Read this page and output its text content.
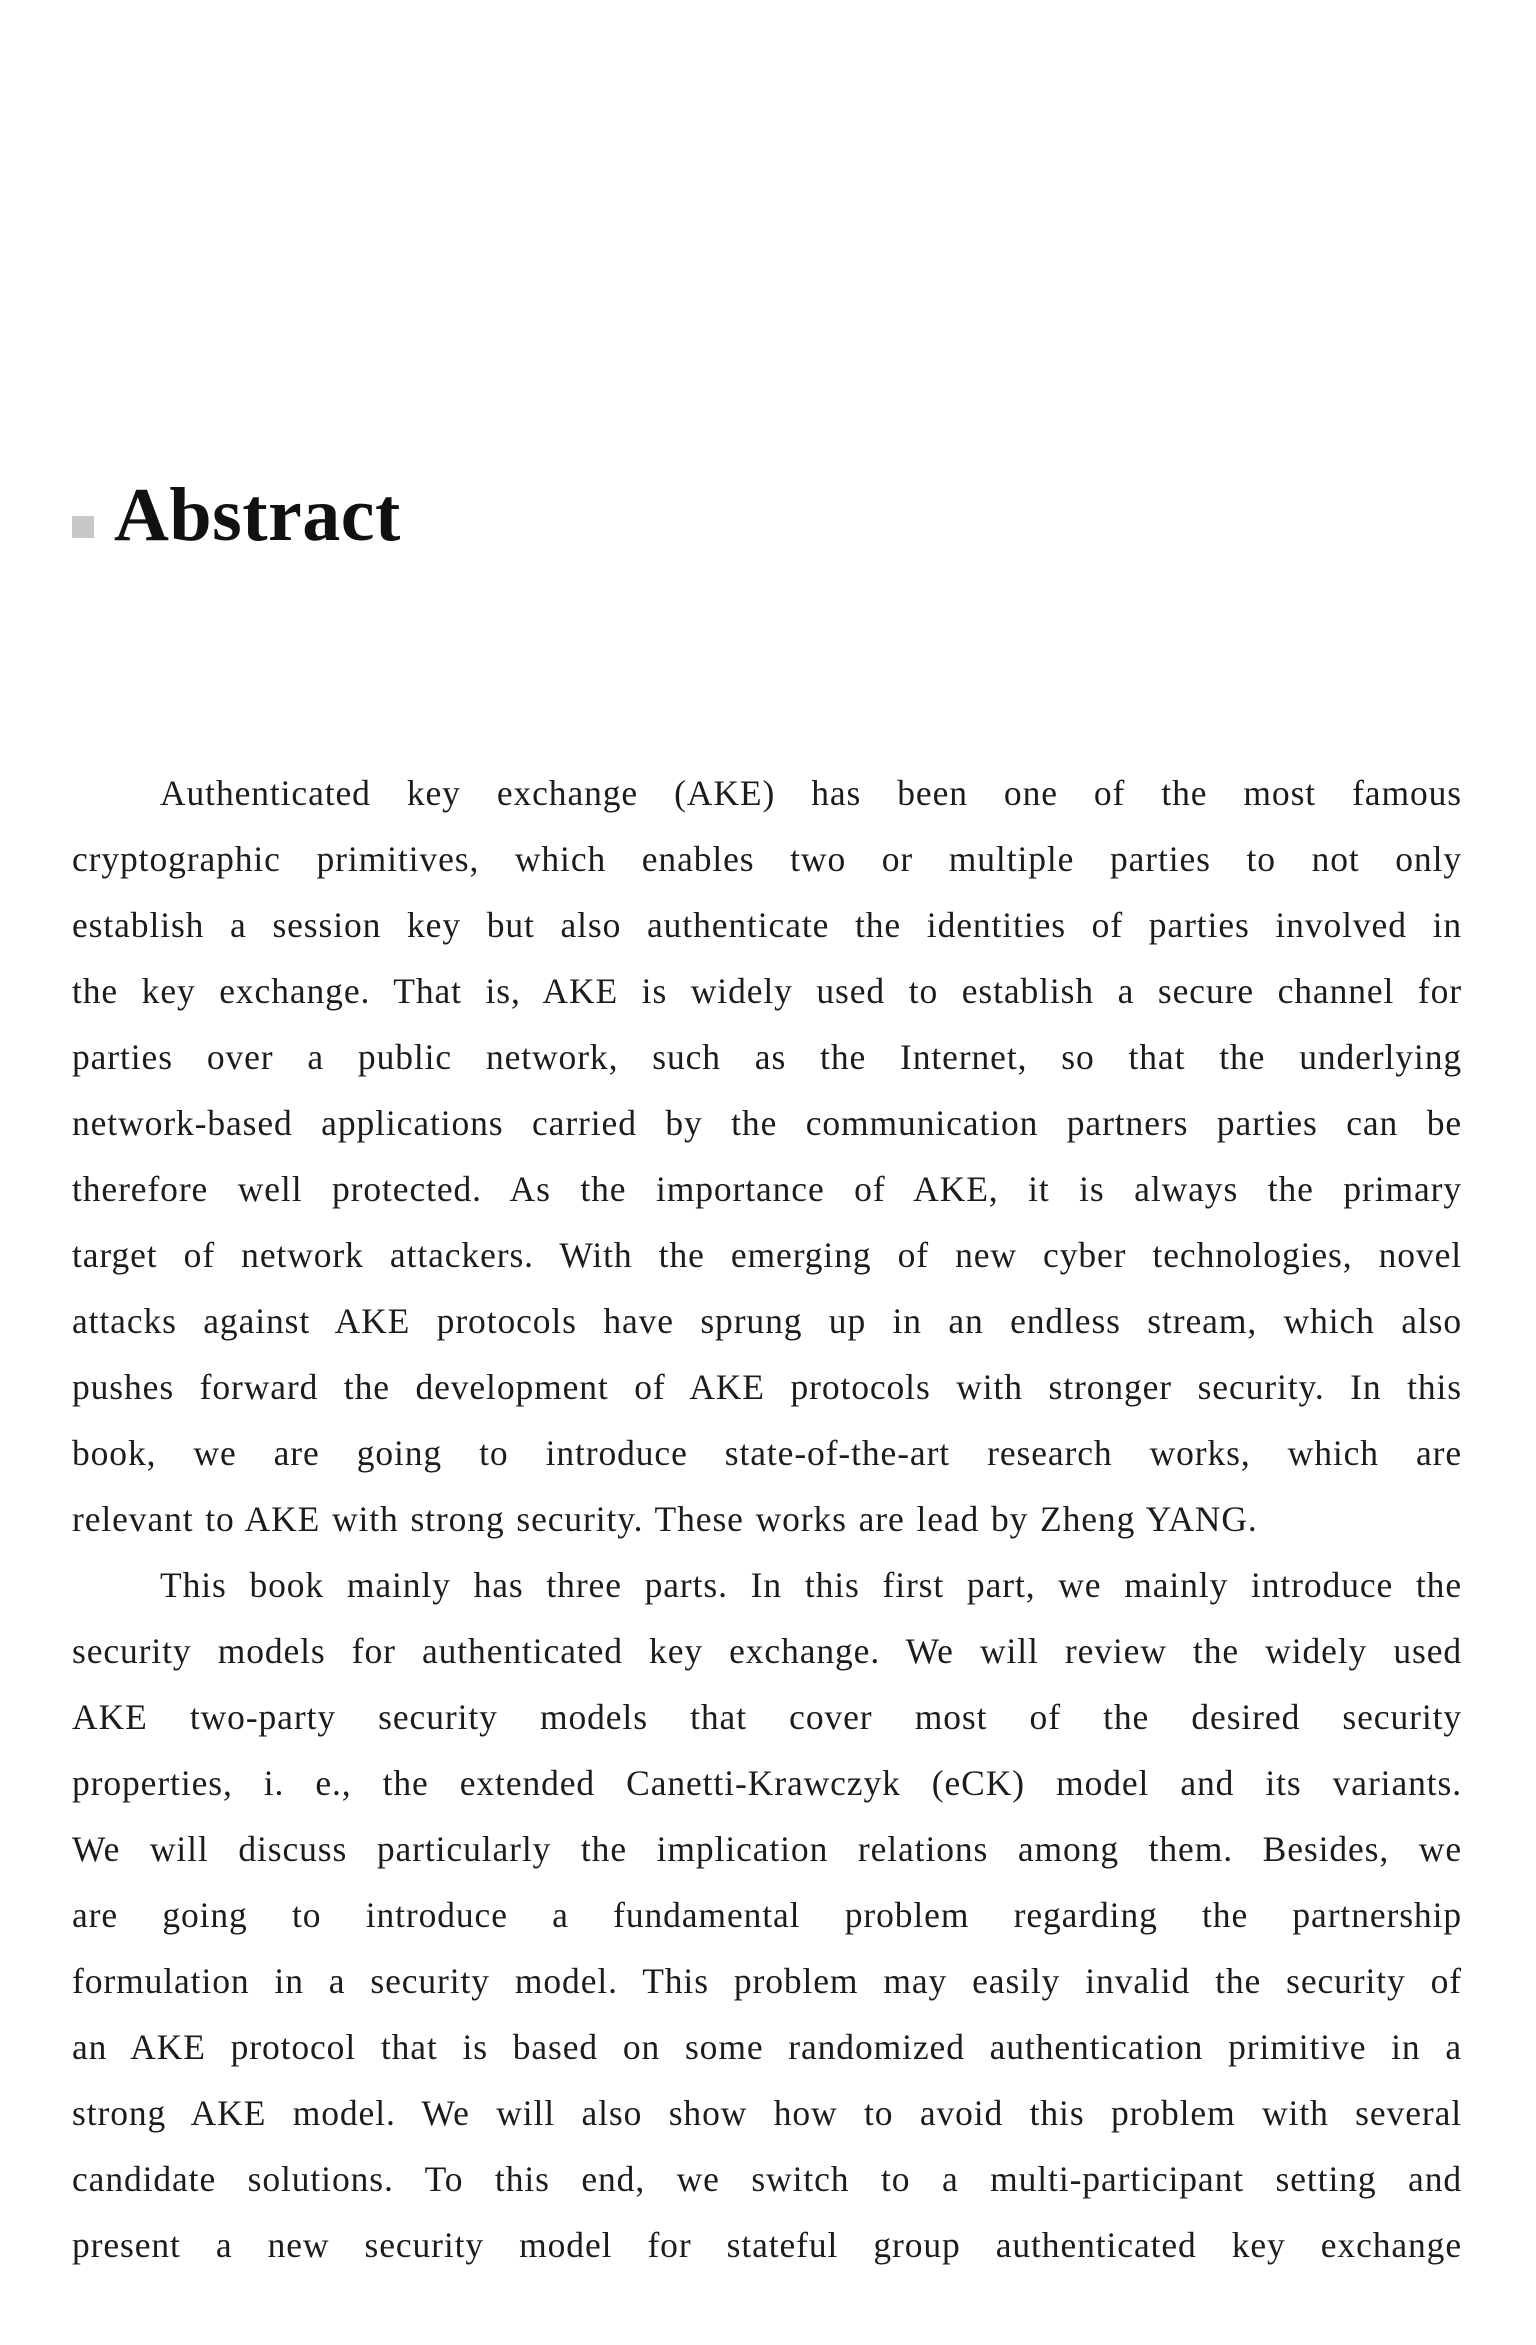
Abstract
Authenticated key exchange (AKE) has been one of the most famous
cryptographic primitives, which enables two or multiple parties to not only
establish a session key but also authenticate the identities of parties involved in
the key exchange. That is, AKE is widely used to establish a secure channel for
parties over a public network, such as the Internet, so that the underlying
network-based applications carried by the communication partners parties can be
therefore well protected. As the importance of AKE, it is always the primary
target of network attackers. With the emerging of new cyber technologies, novel
attacks against AKE protocols have sprung up in an endless stream, which also
pushes forward the development of AKE protocols with stronger security. In this
book, we are going to introduce state-of-the-art research works, which are
relevant to AKE with strong security. These works are lead by Zheng YANG.
This book mainly has three parts. In this first part, we mainly introduce the
security models for authenticated key exchange. We will review the widely used
AKE two-party security models that cover most of the desired security
properties, i. e., the extended Canetti-Krawczyk (eCK) model and its variants.
We will discuss particularly the implication relations among them. Besides, we
are going to introduce a fundamental problem regarding the partnership
formulation in a security model. This problem may easily invalid the security of
an AKE protocol that is based on some randomized authentication primitive in a
strong AKE model. We will also show how to avoid this problem with several
candidate solutions. To this end, we switch to a multi-participant setting and
present a new security model for stateful group authenticated key exchange
